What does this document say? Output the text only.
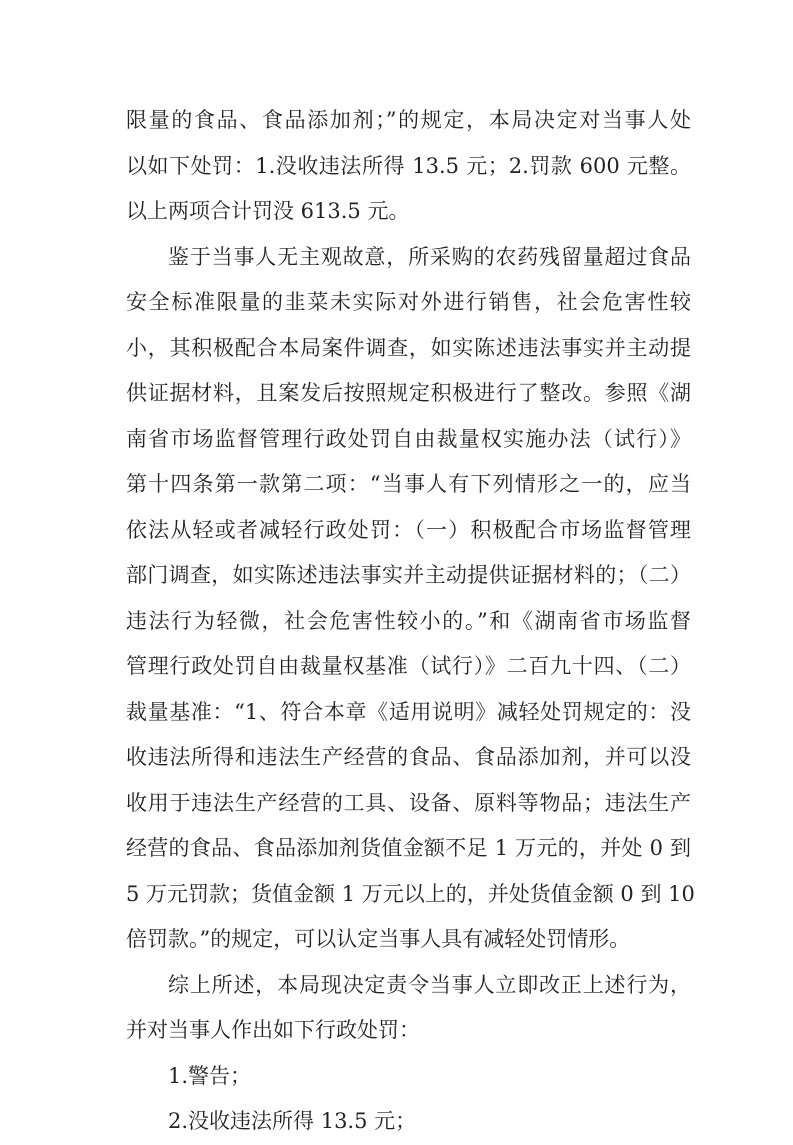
限量的食品、食品添加剂；”的规定，本局决定对当事人处
以如下处罚：1.没收违法所得 13.5 元；2.罚款 600 元整。
以上两项合计罚没 613.5 元。
鉴于当事人无主观故意，所采购的农药残留量超过食品
安全标准限量的韭菜未实际对外进行销售，社会危害性较
小，其积极配合本局案件调查，如实陈述违法事实并主动提
供证据材料，且案发后按照规定积极进行了整改。参照《湖
南省市场监督管理行政处罚自由裁量权实施办法（试行）》
第十四条第一款第二项：“当事人有下列情形之一的，应当
依法从轻或者减轻行政处罚：（一）积极配合市场监督管理
部门调查，如实陈述违法事实并主动提供证据材料的；（二）
违法行为轻微，社会危害性较小的。”和《湖南省市场监督
管理行政处罚自由裁量权基准（试行）》二百九十四、（二）
裁量基准：“1、符合本章《适用说明》减轻处罚规定的：没
收违法所得和违法生产经营的食品、食品添加剂，并可以没
收用于违法生产经营的工具、设备、原料等物品；违法生产
经营的食品、食品添加剂货值金额不足 1 万元的，并处 0 到
5 万元罚款；货值金额 1 万元以上的，并处货值金额 0 到 10
倍罚款。”的规定，可以认定当事人具有减轻处罚情形。
综上所述，本局现决定责令当事人立即改正上述行为，
并对当事人作出如下行政处罚：
1.警告；
2.没收违法所得 13.5 元；
